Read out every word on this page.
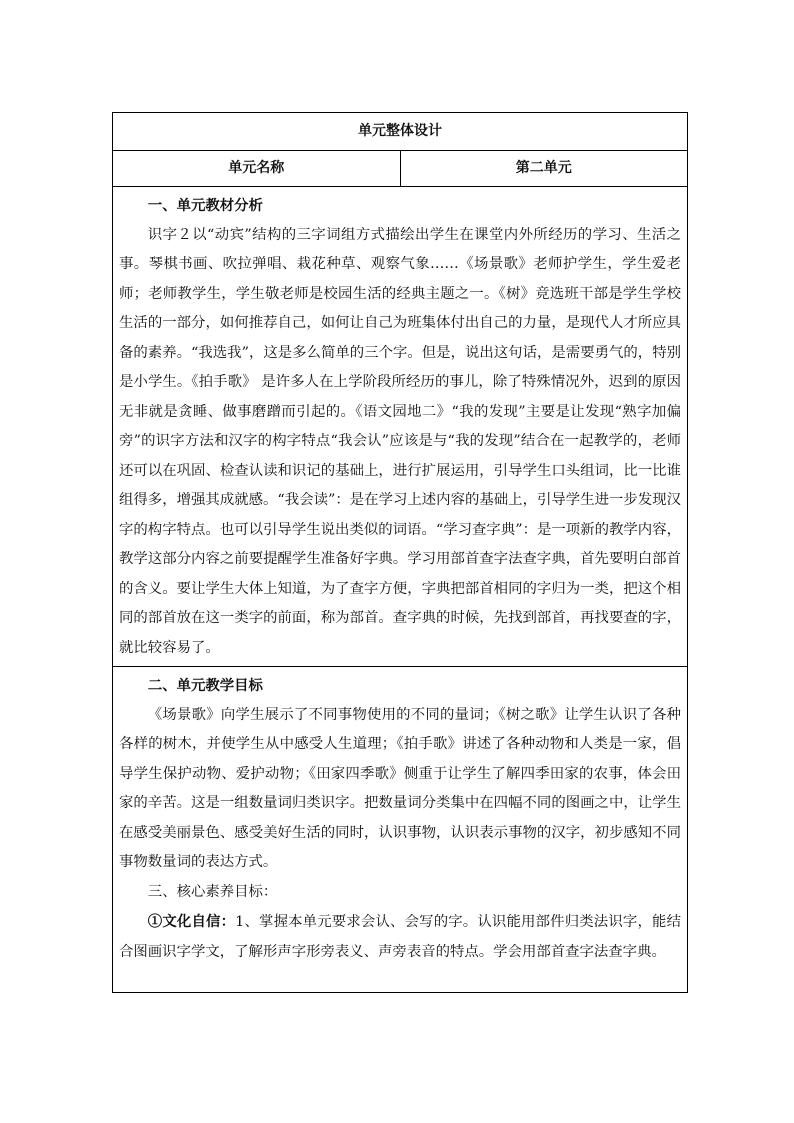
单元整体设计
单元名称	第二单元

一、单元教材分析

识字２以“动宾”结构的三字词组方式描绘出学生在课堂内外所经历的学习、生活之事。琴棋书画、吹拉弹唱、栽花种草、观察气象……《场景歌》老师护学生，学生爱老师；老师教学生，学生敬老师是校园生活的经典主题之一。《树》竞选班干部是学生学校生活的一部分，如何推荐自己，如何让自己为班集体付出自己的力量，是现代人才所应具备的素养。“我选我”，这是多么简单的三个字。但是，说出这句话，是需要勇气的，特别是小学生。《拍手歌》 是许多人在上学阶段所经历的事儿，除了特殊情况外，迟到的原因无非就是贪睡、做事磨蹭而引起的。《语文园地二》“我的发现”主要是让发现“熟字加偏旁”的识字方法和汉字的构字特点“我会认”应该是与“我的发现”结合在一起教学的，老师还可以在巩固、检查认读和识记的基础上，进行扩展运用，引导学生口头组词，比一比谁组得多，增强其成就感。“我会读”：是在学习上述内容的基础上，引导学生进一步发现汉字的构字特点。也可以引导学生说出类似的词语。“学习查字典”：是一项新的教学内容，教学这部分内容之前要提醒学生准备好字典。学习用部首查字法查字典，首先要明白部首的含义。要让学生大体上知道，为了查字方便，字典把部首相同的字归为一类，把这个相同的部首放在这一类字的前面，称为部首。查字典的时候，先找到部首，再找要查的字，就比较容易了。

二、单元教学目标

《场景歌》向学生展示了不同事物使用的不同的量词；《树之歌》让学生认识了各种各样的树木，并使学生从中感受人生道理；《拍手歌》讲述了各种动物和人类是一家，倡导学生保护动物、爱护动物；《田家四季歌》侧重于让学生了解四季田家的农事，体会田家的辛苦。这是一组数量词归类识字。把数量词分类集中在四幅不同的图画之中，让学生在感受美丽景色、感受美好生活的同时，认识事物，认识表示事物的汉字，初步感知不同事物数量词的表达方式。

三、核心素养目标：

①文化自信：1、掌握本单元要求会认、会写的字。认识能用部件归类法识字，能结合图画识字学文，了解形声字形旁表义、声旁表音的特点。学会用部首查字法查字典。
